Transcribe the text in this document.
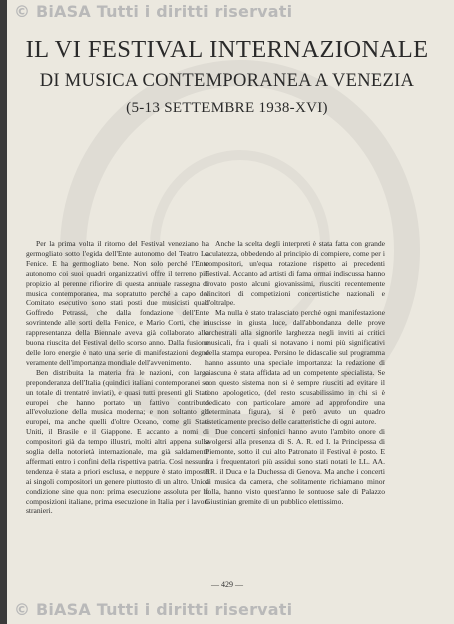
© BiASA Tutti i diritti riservati
IL VI FESTIVAL INTERNAZIONALE
DI MUSICA CONTEMPORANEA A VENEZIA
(5-13 SETTEMBRE 1938-XVI)

Per la prima volta il ritorno del Festival veneziano ha germogliato sotto l'egida dell'Ente autonomo del Teatro La Fenice. E ha germogliato bene. Non solo perché l'Ente autonomo coi suoi quadri organizzativi offre il terreno più propizio al perenne rifiorire di questa annuale rassegna di musica contemporanea, ma sopratutto perché a capo del Comitato esecutivo sono stati posti due musicisti quali Goffredo Petrassi, che dalla fondazione dell'Ente sovrintende alle sorti della Fenice, e Mario Corti, che in rappresentanza della Biennale aveva già collaborato alla buona riuscita del Festival dello scorso anno. Dalla fusione delle loro energie è nato una serie di manifestazioni degne veramente dell'importanza mondiale dell'avvenimento.

Ben distribuita la materia fra le nazioni, con larga preponderanza dell'Italia (quindici italiani contemporanei su un totale di trentatré inviati), e quasi tutti presenti gli Stati europei che hanno portato un fattivo contributo all'evoluzione della musica moderna; e non soltanto gli europei, ma anche quelli d'oltre Oceano, come gli Stati Uniti, il Brasile e il Giappone. E accanto a nomi di compositori già da tempo illustri, molti altri appena sulla soglia della notorietà internazionale, ma già saldamente affermati entro i confini della rispettiva patria. Così nessuna tendenza è stata a priori esclusa, e neppure è stato imposto ai singoli compositori un genere piuttosto di un altro. Unica condizione sine qua non: prima esecuzione assoluta per le composizioni italiane, prima esecuzione in Italia per i lavori stranieri.

Anche la scelta degli interpreti è stata fatta con grande oculatezza, obbedendo al principio di compiere, come per i compositori, un'equa rotazione rispetto ai precedenti Festival. Accanto ad artisti di fama ormai indiscussa hanno trovato posto alcuni giovanissimi, riusciti recentemente vincitori di competizioni concertistiche nazionali e d'oltralpe.

Ma nulla è stato tralasciato perché ogni manifestazione riuscisse in giusta luce, dall'abbondanza delle prove orchestrali alla signorile larghezza negli inviti ai critici musicali, fra i quali si notavano i nomi più significativi della stampa europea. Persino le didascalie sul programma hanno assunto una speciale importanza: la redazione di ciascuna è stata affidata ad un competente specialista. Se con questo sistema non si è sempre riusciti ad evitare il tono apologetico, (del resto scusabilissimo in chi si è dedicato con particolare amore ad approfondire una determinata figura), si è però avuto un quadro esteticamente preciso delle caratteristiche di ogni autore.

Due concerti sinfonici hanno avuto l'ambito onore di svolgersi alla presenza di S. A. R. ed I. la Principessa di Piemonte, sotto il cui alto Patronato il Festival è posto. E fra i frequentatori più assidui sono stati notati le LL. AA. RR. il Duca e la Duchessa di Genova. Ma anche i concerti di musica da camera, che solitamente richiamano minor folla, hanno visto quest'anno le sontuose sale di Palazzo Giustinian gremite di un pubblico elettissimo.

— 429 —
© BiASA Tutti i diritti riservati
